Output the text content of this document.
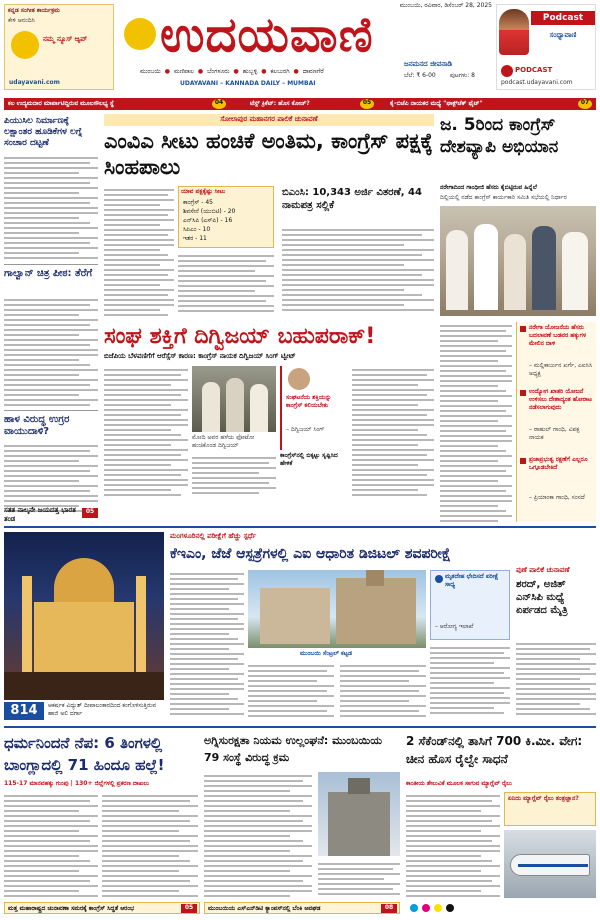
ಕನ್ನಡ ಸಂಗೀತ ಕಾರ್ಯಕ್ರಮ
ಕೇಳಿ ಆನಂದಿಸಿ
ನಮ್ಮ ನ್ಯೂಸ್ ಆ್ಯಪ್
udayavani.com
ಉದಯವಾಣಿ
ಮುಂಬಯಿ, ರವಿವಾರ, ಡಿಸೆಂಬರ್ 28, 2025
ಜನಮನದ ಜೀವನಾಡಿ
ಬೆಲೆ: ₹ 6-00	ಪುಟಗಳು: 8
ಮುಂಬಯಿ ● ಮಣಿಪಾಲ ● ಬೆಂಗಳೂರು ● ಹುಬ್ಬಳ್ಳಿ ● ಕಲಬುರಗಿ ● ದಾವಣಗೆರೆ
UDAYAVANI – KANNADA DAILY – MUMBAI
Podcast
ಸಂಧ್ಯಾವಾಣಿ
PODCAST
podcast.udayavani.com
ಕಲ ಉದ್ಯಮದಾರ ಮಾರ್ಪಾಟಿದ್ದಿರುವ ಮೂಲಸೌಲಭ್ಯ ಸ್ಥೆ	04	ಟೆಸ್ಟ್ ಕ್ರಿಕೆಟ್: ಹೊಸ ಕೋಚ್?	05	ಕೈ-ಬಿಜೆಪಿ ನಾಯಕರ ಮಧ್ಯೆ "ಫಾಕ್ಟ್‌ಚೆಕ್ ಫೈಟ್"	07
ಪಿಯುಸಿಲ ನಿರ್ಮಾಣಕ್ಕೆ ಲಕ್ಷಾಂತರ ಹೂಡಿಕೆಗಳ ಲಗ್ನೆ ಸಂಚಾರ ದಟ್ಟಣೆ
ಗಾಲ್ವಾನ್ ಚಿತ್ರ ಪೀಠ: ತೆರೆಗೆ
ಹಾಳ ವಿರುದ್ಧ ಉಗ್ರರ ವಾಯುದಾಳಿ?
ಸತತ ನಾಲ್ಕನೇ ಜಯದತ್ತ ಭಾರತ ತಂಡ
05
ಸೋಲಾಪುರ ಮಹಾನಗರ ಪಾಲಿಕೆ ಚುನಾವಣೆ
ಎಂವಿಎ ಸೀಟು ಹಂಚಿಕೆ ಅಂತಿಮ, ಕಾಂಗ್ರೆಸ್ ಪಕ್ಷಕ್ಕೆ ಸಿಂಹಪಾಲು
ಯಾವ ಪಕ್ಷಕ್ಕೆಷ್ಟು ಸೀಟು
ಕಾಂಗ್ರೆಸ್ - 45
ಶಿವಸೇನೆ (ಯುಬಿಟಿ) - 20
ಎನ್‌ಸಿಪಿ (ಎಸ್‌ಪಿ) - 16
ಸಿಪಿಎಂ - 10
ಇತರ - 11
ಬಿಎಂಸಿ: 10,343 ಅರ್ಜಿ ವಿತರಣೆ, 44 ನಾಮಪತ್ರ ಸಲ್ಲಿಕೆ
ಜ. 5ರಿಂದ ಕಾಂಗ್ರೆಸ್ ದೇಶವ್ಯಾಪಿ ಅಭಿಯಾನ
ನರೇಗಾದಿಂದ ಗಾಂಧೀಜಿ ಹೆಸರು ಕೈಬಿಟ್ಟಿರುವ ಹಿನ್ನೆಲೆ
ದಿಲ್ಲಿಯಲ್ಲಿ ನಡೆದ ಕಾಂಗ್ರೆಸ್ ಕಾರ್ಯಕಾರಿ ಸಮಿತಿ ಸಭೆಯಲ್ಲಿ ನಿರ್ಧಾರ
ಸಂಘ ಶಕ್ತಿಗೆ ದಿಗ್ವಿಜಯ್ ಬಹುಪರಾಕ್!
ಬಿಜೆಪಿಯ ಬೆಳವಣಿಗೆಗೆ ಆರೆಸ್ಸೆಸ್ ಕಾರಣ: ಕಾಂಗ್ರೆಸ್ ನಾಯಕ ದಿಗ್ವಿಜಯ್ ಸಿಂಗ್ ಟ್ವೀಟ್
ಮೋದಿ ಅವರ ಹಳೆಯ ಫೋಟೋ ಹಂಚಿಕೊಂಡ ದಿಗ್ವಿಜಯ್
ಸಂಘಟನೆಯ ಶಕ್ತಿಯನ್ನು ಕಾಂಗ್ರೆಸ್ ಕಲಿಯಬೇಕು
– ದಿಗ್ವಿಜಯ್ ಸಿಂಗ್
ಕಾಂಗ್ರೆಸ್‌ನಲ್ಲಿ ಬಿಕ್ಕಟ್ಟು ಸೃಷ್ಟಿಸಿದ ಹೇಳಿಕೆ
ನರೇಗಾ ಯೋಜನೆಯ ಹೆಸರು ಬದಲಾವಣೆ ಬಡವರ ಹಕ್ಕುಗಳ ಮೇಲಿನ ದಾಳಿ
– ಮಲ್ಲಿಕಾರ್ಜುನ ಖರ್ಗೆ, ಎಐಸಿಸಿ ಅಧ್ಯಕ್ಷ
ಉದ್ಯೋಗ ಖಾತರಿ ಯೋಜನೆ ಉಳಿಸಲು ದೇಶಾದ್ಯಂತ ಹೋರಾಟ ನಡೆಸಲಾಗುವುದು
– ರಾಹುಲ್ ಗಾಂಧಿ, ವಿಪಕ್ಷ ನಾಯಕ
ಪ್ರಜಾಪ್ರಭುತ್ವ ರಕ್ಷಣೆಗೆ ಎಲ್ಲರೂ ಒಗ್ಗೂಡಬೇಕಿದೆ
– ಪ್ರಿಯಾಂಕಾ ಗಾಂಧಿ, ಸಂಸದೆ
814	ಆಕರ್ಷಕ ವಿದ್ಯುತ್ ದೀಪಾಲಂಕಾರದಿಂದ ಕಂಗೊಳಿಸುತ್ತಿರುವ ಹಾಜಿ ಅಲಿ ದರ್ಗಾ
ಮಂಗಳೂರಿನಲ್ಲಿ ಪರೀಕ್ಷೆಗೆ ಹೆಚ್ಚು ಸ್ಪರ್ಧೆ
ಕೆಇಎಂ, ಜೆಜೆ ಆಸ್ಪತ್ರೆಗಳಲ್ಲಿ ಎಐ ಆಧಾರಿತ ಡಿಜಿಟಲ್ ಶವಪರೀಕ್ಷೆ
ಮುಂಬಯಿ ಸೆಂಟ್ರಲ್ ಕಟ್ಟಡ
ಮೃತದೇಹ ಛೇದಿಸದೆ ಪರೀಕ್ಷೆ ಸಾಧ್ಯ
– ಆರೋಗ್ಯ ಇಲಾಖೆ
ಪುಣೆ ಪಾಲಿಕೆ ಚುನಾವಣೆ
ಶರದ್, ಅಜಿತ್ ಎನ್‌ಸಿಪಿ ಮಧ್ಯೆ ಏರ್ಪಡದ ಮೈತ್ರಿ
ಧರ್ಮನಿಂದನೆ ನೆಪ: 6 ತಿಂಗಳಲ್ಲಿ ಬಾಂಗ್ಲಾದಲ್ಲಿ 71 ಹಿಂದೂ ಹಲ್ಲೆ!
115-17 ಮಾನವಹಕ್ಕು ಗುಂಪು | 130+ ಜಿಲ್ಲೆಗಳಲ್ಲಿ ಪ್ರಕರಣ ದಾಖಲು
ಅಗ್ನಿಸುರಕ್ಷತಾ ನಿಯಮ ಉಲ್ಲಂಘನೆ: ಮುಂಬಯಿಯ 79 ಸಂಸ್ಥೆ ವಿರುದ್ಧ ಕ್ರಮ
2 ಸೆಕೆಂಡ್‌ನಲ್ಲಿ ತಾಸಿಗೆ 700 ಕಿ.ಮೀ. ವೇಗ: ಚೀನ ಹೊಸ ರೈಲ್ವೇ ಸಾಧನೆ
ಕಾಂತೀಯ ತೇಲುವಿಕೆ ಮೂಲಕ ಸಾಗುವ ಮ್ಯಾಗ್ಲೆವ್ ರೈಲು
ಏನಿದು ಮ್ಯಾಗ್ಲೆವ್ ರೈಲು ತಂತ್ರಜ್ಞಾನ?
ಮತ್ತ ಮಹಾರಾಷ್ಟ್ರದ ಚುನಾವಣಾ ಸಮರಕ್ಕೆ ಕಾಂಗ್ರೆಸ್ ಸಿದ್ಧತೆ ಆರಂಭ	05	ಮುಂಬಯಿಯ ಎಸ್‌ಎನ್‌ಡಿಟಿ ಕ್ಯಾಂಪಸ್‌ನಲ್ಲಿ ಬೆಂಕಿ ಅವಘಡ	08
